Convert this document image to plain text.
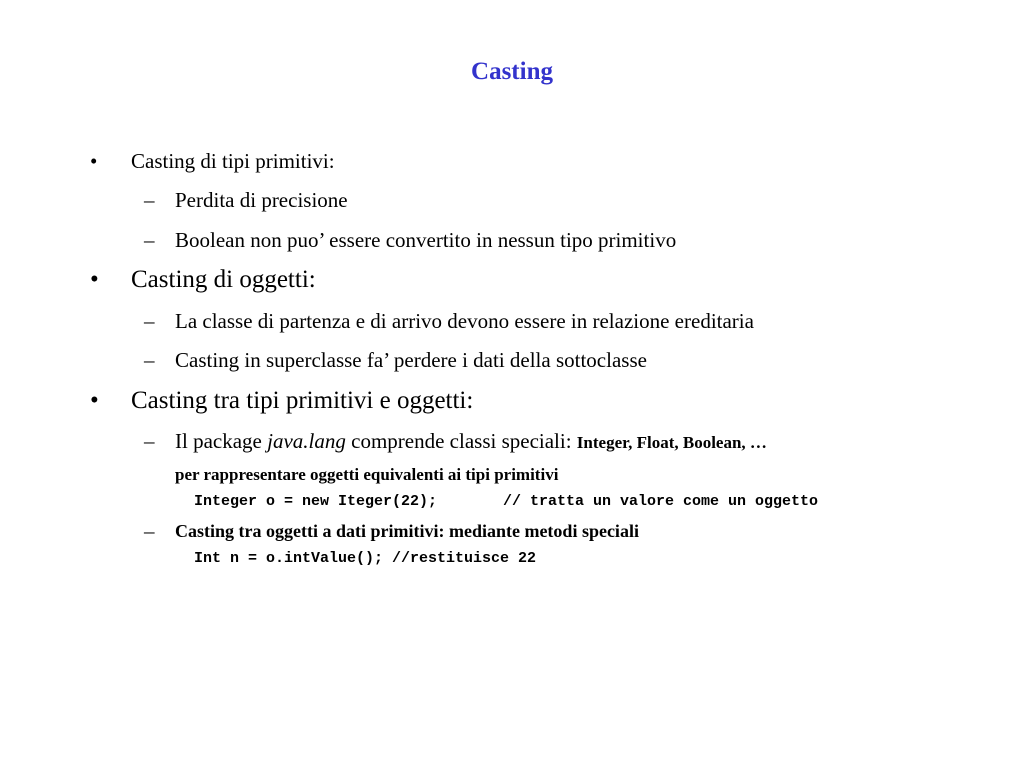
Casting
• Casting di tipi primitivi:
– Perdita di precisione
– Boolean non puo’ essere convertito in nessun tipo primitivo
• Casting di oggetti:
– La classe di partenza e di arrivo devono essere in relazione ereditaria
– Casting in superclasse fa’ perdere i dati della sottoclasse
• Casting tra tipi primitivi e oggetti:
– Il package java.lang comprende classi speciali: Integer, Float, Boolean, …
per rappresentare oggetti equivalenti ai tipi primitivi
Integer o = new Iteger(22);	// tratta un valore come un oggetto
– Casting tra oggetti a dati primitivi: mediante metodi speciali
Int n = o.intValue(); //restituisce 22
